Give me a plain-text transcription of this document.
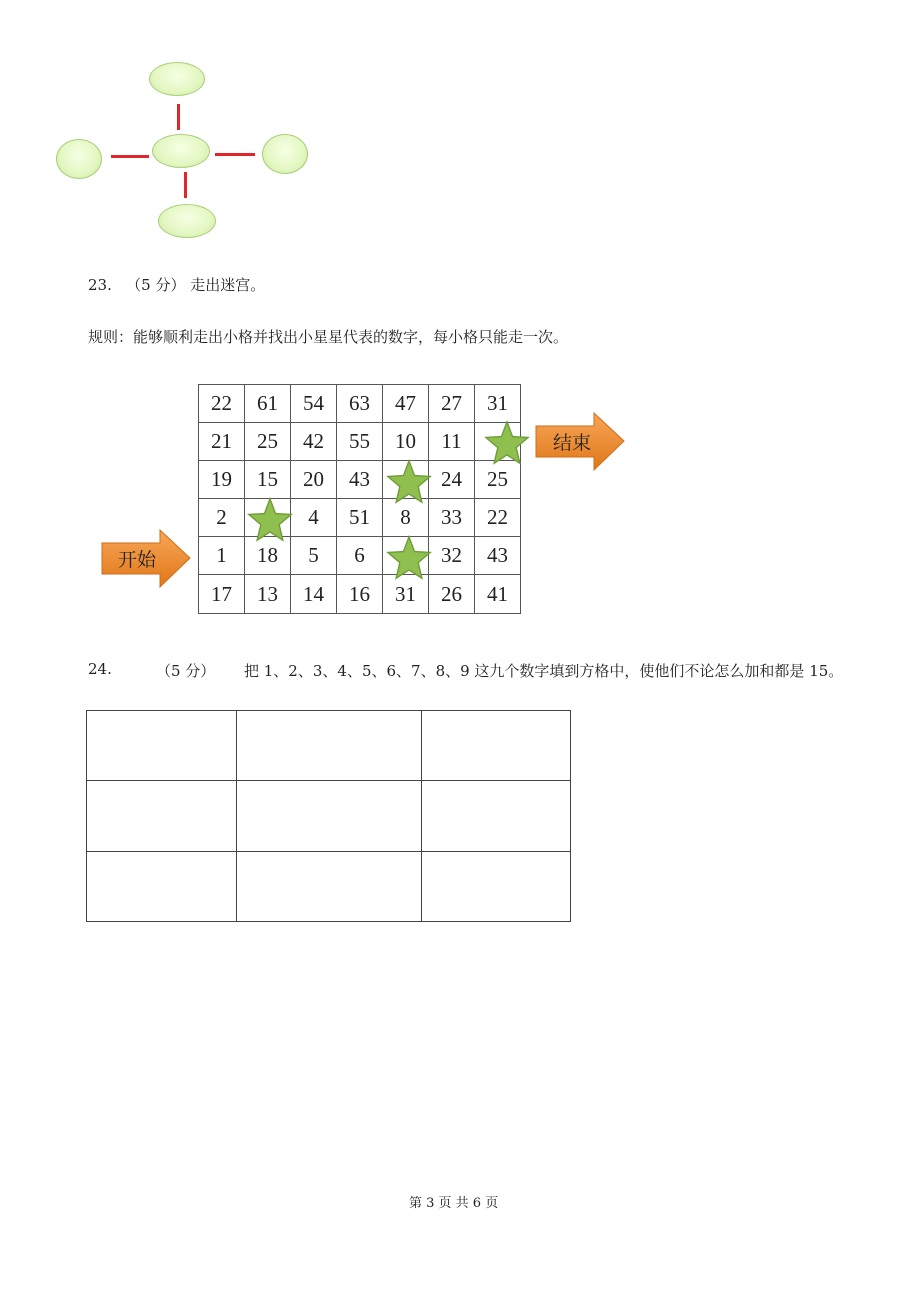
23. （5 分） 走出迷宫。
规则：能够顺利走出小格并找出小星星代表的数字，每小格只能走一次。
22	61	54	63	47	27	31
21	25	42	55	10	11	
19	15	20	43		24	25
2		4	51	8	33	22
1	18	5	6		32	43
17	13	14	16	31	26	41
结束
开始
24.	（5 分） 把 1、2、3、4、5、6、7、8、9 这九个数字填到方格中，使他们不论怎么加和都是 15。

第 3 页 共 6 页
